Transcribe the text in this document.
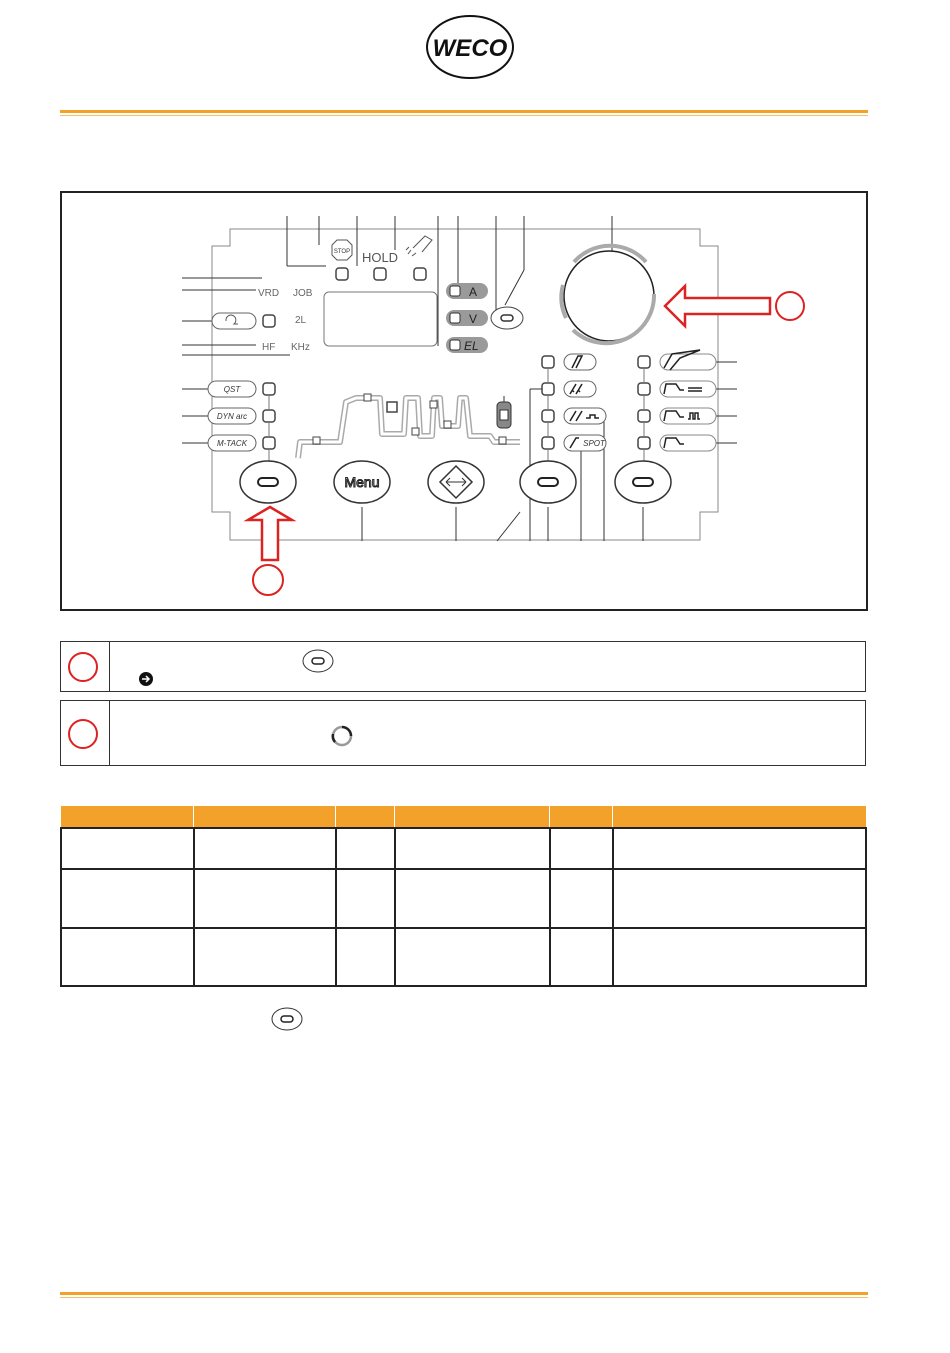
WECO
STOP HOLD
VRD JOB
2L
HF KHz
A
V
EL
QST
DYN arc
M-TACK	SPOT
Menu
